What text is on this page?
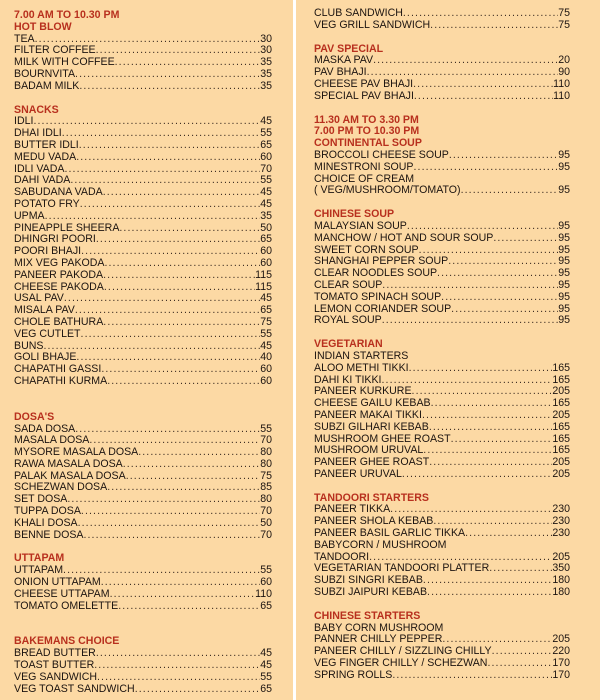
7.00 AM TO 10.30 PM
HOT BLOW
TEA .....	30
FILTER COFFEE .....	30
MILK WITH COFFEE .....	35
BOURNVITA .....	35
BADAM MILK .....	35
SNACKS
IDLI .....	45
DHAI IDLI .....	55
BUTTER IDLI .....	65
MEDU VADA .....	60
IDLI VADA .....	70
DAHI VADA .....	55
SABUDANA VADA .....	45
POTATO FRY .....	45
UPMA .....	35
PINEAPPLE SHEERA .....	50
DHINGRI POORI .....	65
POORI BHAJI .....	60
MIX VEG PAKODA .....	60
PANEER PAKODA .....	115
CHEESE PAKODA .....	115
USAL PAV .....	45
MISALA PAV .....	65
CHOLE BATHURA .....	75
VEG CUTLET .....	55
BUNS .....	45
GOLI BHAJE .....	40
CHAPATHI GASSI .....	60
CHAPATHI KURMA .....	60
DOSA'S
SADA DOSA .....	55
MASALA DOSA .....	70
MYSORE MASALA DOSA .....	80
RAWA MASALA DOSA .....	80
PALAK MASALA DOSA .....	75
SCHEZWAN DOSA .....	85
SET DOSA .....	80
TUPPA DOSA .....	70
KHALI DOSA .....	50
BENNE DOSA .....	70
UTTAPAM
UTTAPAM .....	55
ONION UTTAPAM .....	60
CHEESE UTTAPAM .....	110
TOMATO OMELETTE .....	65
BAKEMANS CHOICE
BREAD BUTTER .....	45
TOAST BUTTER .....	45
VEG SANDWICH .....	55
VEG TOAST SANDWICH .....	65
CLUB SANDWICH .....	75
VEG GRILL SANDWICH .....	75
PAV SPECIAL
MASKA PAV .....	20
PAV BHAJI .....	90
CHEESE PAV BHAJI .....	110
SPECIAL PAV BHAJI .....	110
11.30 AM TO 3.30 PM
7.00 PM TO 10.30 PM
CONTINENTAL SOUP
BROCCOLI CHEESE SOUP .....	95
MINESTRONI SOUP .....	95
CHOICE OF CREAM
( VEG/MUSHROOM/TOMATO) .....	95
CHINESE SOUP
MALAYSIAN SOUP .....	95
MANCHOW / HOT AND SOUR SOUP .....	95
SWEET CORN SOUP .....	95
SHANGHAI PEPPER SOUP .....	95
CLEAR NOODLES SOUP .....	95
CLEAR SOUP .....	95
TOMATO SPINACH SOUP .....	95
LEMON CORIANDER SOUP .....	95
ROYAL SOUP .....	95
VEGETARIAN
INDIAN STARTERS
ALOO METHI TIKKI .....	165
DAHI KI TIKKI .....	165
PANEER KURKURE .....	205
CHEESE GAILU KEBAB .....	165
PANEER MAKAI TIKKI .....	205
SUBZI GILHARI KEBAB .....	165
MUSHROOM GHEE ROAST .....	165
MUSHROOM URUVAL .....	165
PANEER GHEE ROAST .....	205
PANEER URUVAL .....	205
TANDOORI STARTERS
PANEER TIKKA .....	230
PANEER SHOLA KEBAB .....	230
PANEER BASIL GARLIC TIKKA .....	230
BABYCORN / MUSHROOM
TANDOORI .....	205
VEGETARIAN TANDOORI PLATTER .....	350
SUBZI SINGRI KEBAB .....	180
SUBZI JAIPURI KEBAB .....	180
CHINESE STARTERS
BABY CORN MUSHROOM
PANNER CHILLY PEPPER .....	205
PANEER CHILLY / SIZZLING CHILLY .....	220
VEG FINGER CHILLY / SCHEZWAN .....	170
SPRING ROLLS .....	170
